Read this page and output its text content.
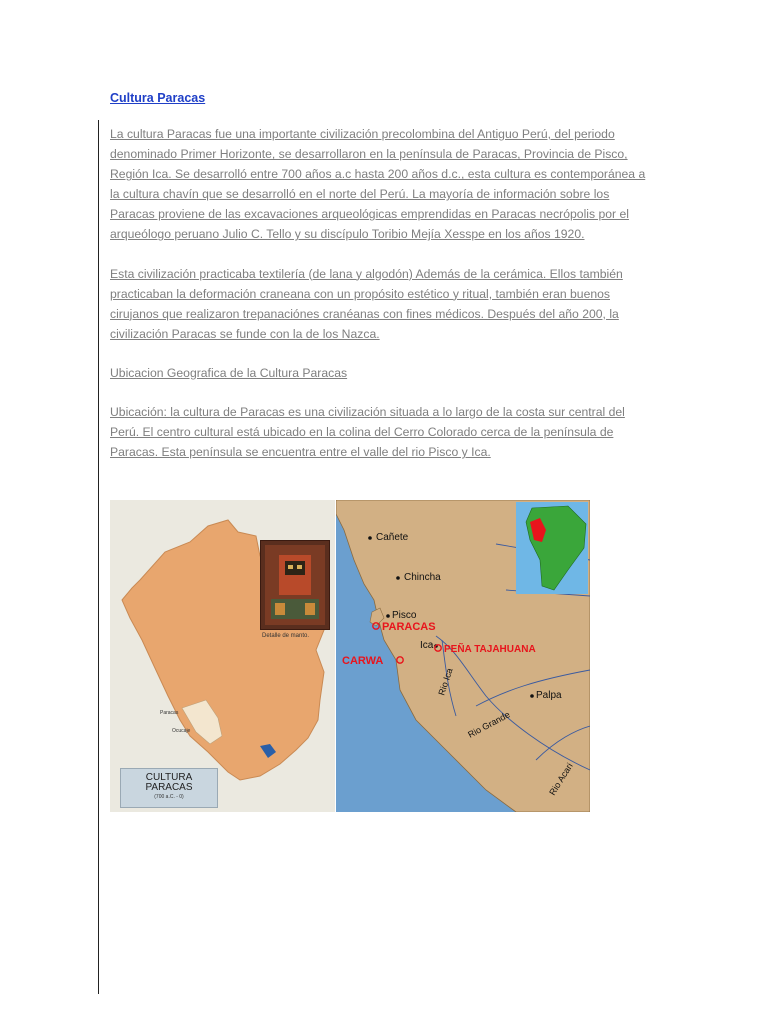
Cultura Paracas

La cultura Paracas fue una importante civilización precolombina del Antiguo Perú, del periodo denominado Primer Horizonte, se desarrollaron en la península de Paracas, Provincia de Pisco, Región Ica. Se desarrolló entre 700 años a.c hasta 200 años d.c., esta cultura es contemporánea a la cultura chavín que se desarrolló en el norte del Perú. La mayoría de información sobre los Paracas proviene de las excavaciones arqueológicas emprendidas en Paracas necrópolis por el arqueólogo peruano Julio C. Tello y su discípulo Toribio Mejía Xesspe en los años 1920.

Esta civilización practicaba textilería (de lana y algodón) Además de la cerámica. Ellos también practicaban la deformación craneana con un propósito estético y ritual, también eran buenos cirujanos que realizaron trepanaciónes cranéanas con fines médicos. Después del año 200, la civilización Paracas se funde con la de los Nazca.

Ubicacion Geografica de la Cultura Paracas

Ubicación: la cultura de Paracas es una civilización situada a lo largo de la costa sur central del Perú. El centro cultural está ubicado en la colina del Cerro Colorado cerca de la península de Paracas. Esta península se encuentra entre el valle del rio Pisco y Ica.

Paracas
Ocucaje
Detalle de manto.
CULTURA
PARACAS
(700 a.C. - 0)
Cañete
Chincha
Pisco
Ica
Palpa
PARACAS
CARWA
PEÑA TAJAHUANA
Rio Ica
Rio Grande
Rio Acari
